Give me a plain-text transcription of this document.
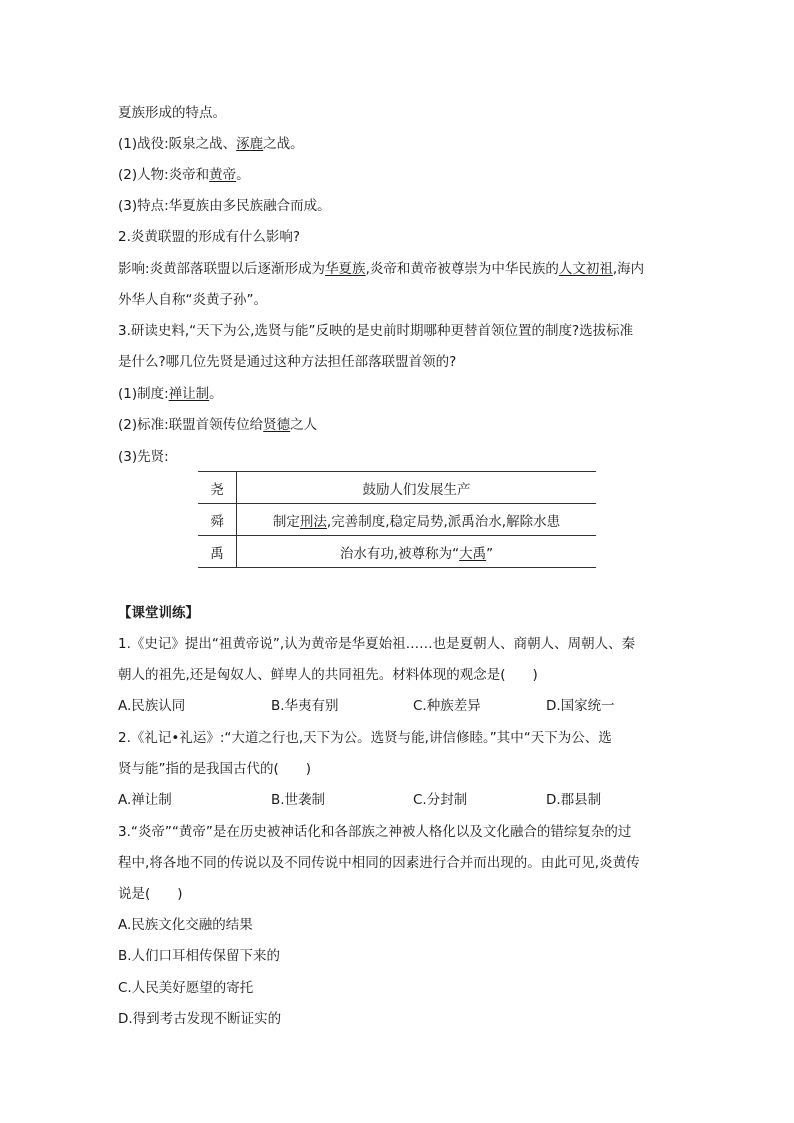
夏族形成的特点。
(1)战役:阪泉之战、涿鹿之战。
(2)人物:炎帝和黄帝。
(3)特点:华夏族由多民族融合而成。
2.炎黄联盟的形成有什么影响?
影响:炎黄部落联盟以后逐渐形成为华夏族,炎帝和黄帝被尊崇为中华民族的人文初祖,海内
外华人自称“炎黄子孙”。
3.研读史料,“天下为公,选贤与能”反映的是史前时期哪种更替首领位置的制度?选拔标准
是什么?哪几位先贤是通过这种方法担任部落联盟首领的?
(1)制度:禅让制。
(2)标准:联盟首领传位给贤德之人
(3)先贤:
尧	鼓励人们发展生产
舜	制定刑法,完善制度,稳定局势,派禹治水,解除水患
禹	治水有功,被尊称为“大禹”
【课堂训练】
1.《史记》提出“祖黄帝说”,认为黄帝是华夏始祖……也是夏朝人、商朝人、周朝人、秦
朝人的祖先,还是匈奴人、鲜卑人的共同祖先。材料体现的观念是(　　)
A.民族认同	B.华夷有别	C.种族差异	D.国家统一
2.《礼记•礼运》:“大道之行也,天下为公。选贤与能,讲信修睦。”其中“天下为公、选
贤与能”指的是我国古代的(　　)
A.禅让制	B.世袭制	C.分封制	D.郡县制
3.“炎帝”“黄帝”是在历史被神话化和各部族之神被人格化以及文化融合的错综复杂的过
程中,将各地不同的传说以及不同传说中相同的因素进行合并而出现的。由此可见,炎黄传
说是(　　)
A.民族文化交融的结果
B.人们口耳相传保留下来的
C.人民美好愿望的寄托
D.得到考古发现不断证实的
